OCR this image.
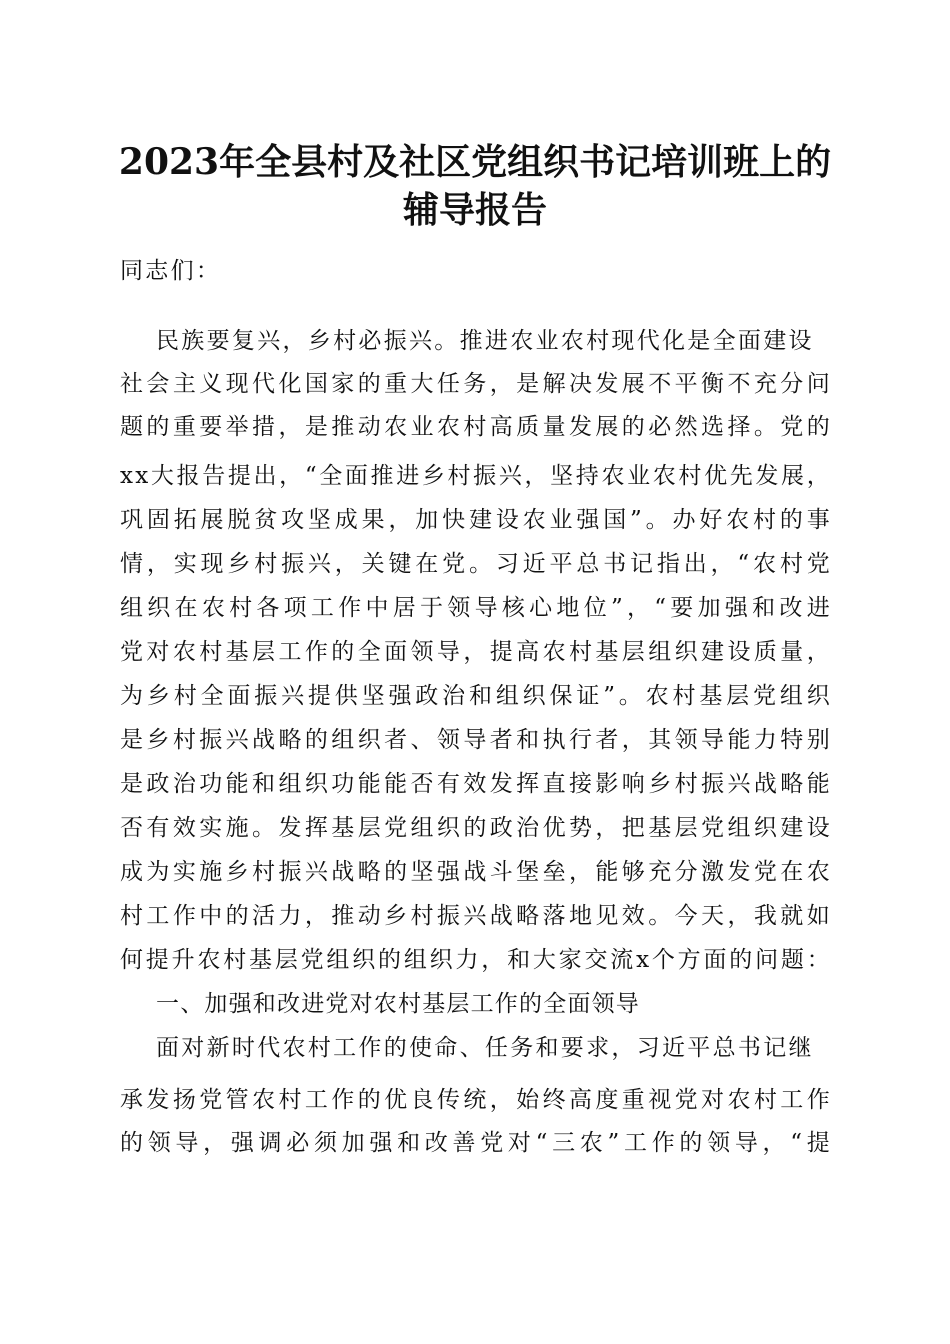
2023年全县村及社区党组织书记培训班上的
辅导报告
同志们：
民族要复兴，乡村必振兴。推进农业农村现代化是全面建设
社会主义现代化国家的重大任务，是解决发展不平衡不充分问
题的重要举措，是推动农业农村高质量发展的必然选择。党的
xx大报告提出，“全面推进乡村振兴，坚持农业农村优先发展，
巩固拓展脱贫攻坚成果，加快建设农业强国”。办好农村的事
情，实现乡村振兴，关键在党。习近平总书记指出，“农村党
组织在农村各项工作中居于领导核心地位”，“要加强和改进
党对农村基层工作的全面领导，提高农村基层组织建设质量，
为乡村全面振兴提供坚强政治和组织保证”。农村基层党组织
是乡村振兴战略的组织者、领导者和执行者，其领导能力特别
是政治功能和组织功能能否有效发挥直接影响乡村振兴战略能
否有效实施。发挥基层党组织的政治优势，把基层党组织建设
成为实施乡村振兴战略的坚强战斗堡垒，能够充分激发党在农
村工作中的活力，推动乡村振兴战略落地见效。今天，我就如
何提升农村基层党组织的组织力，和大家交流x个方面的问题：
一、加强和改进党对农村基层工作的全面领导
面对新时代农村工作的使命、任务和要求，习近平总书记继
承发扬党管农村工作的优良传统，始终高度重视党对农村工作
的领导，强调必须加强和改善党对“三农”工作的领导，“提
